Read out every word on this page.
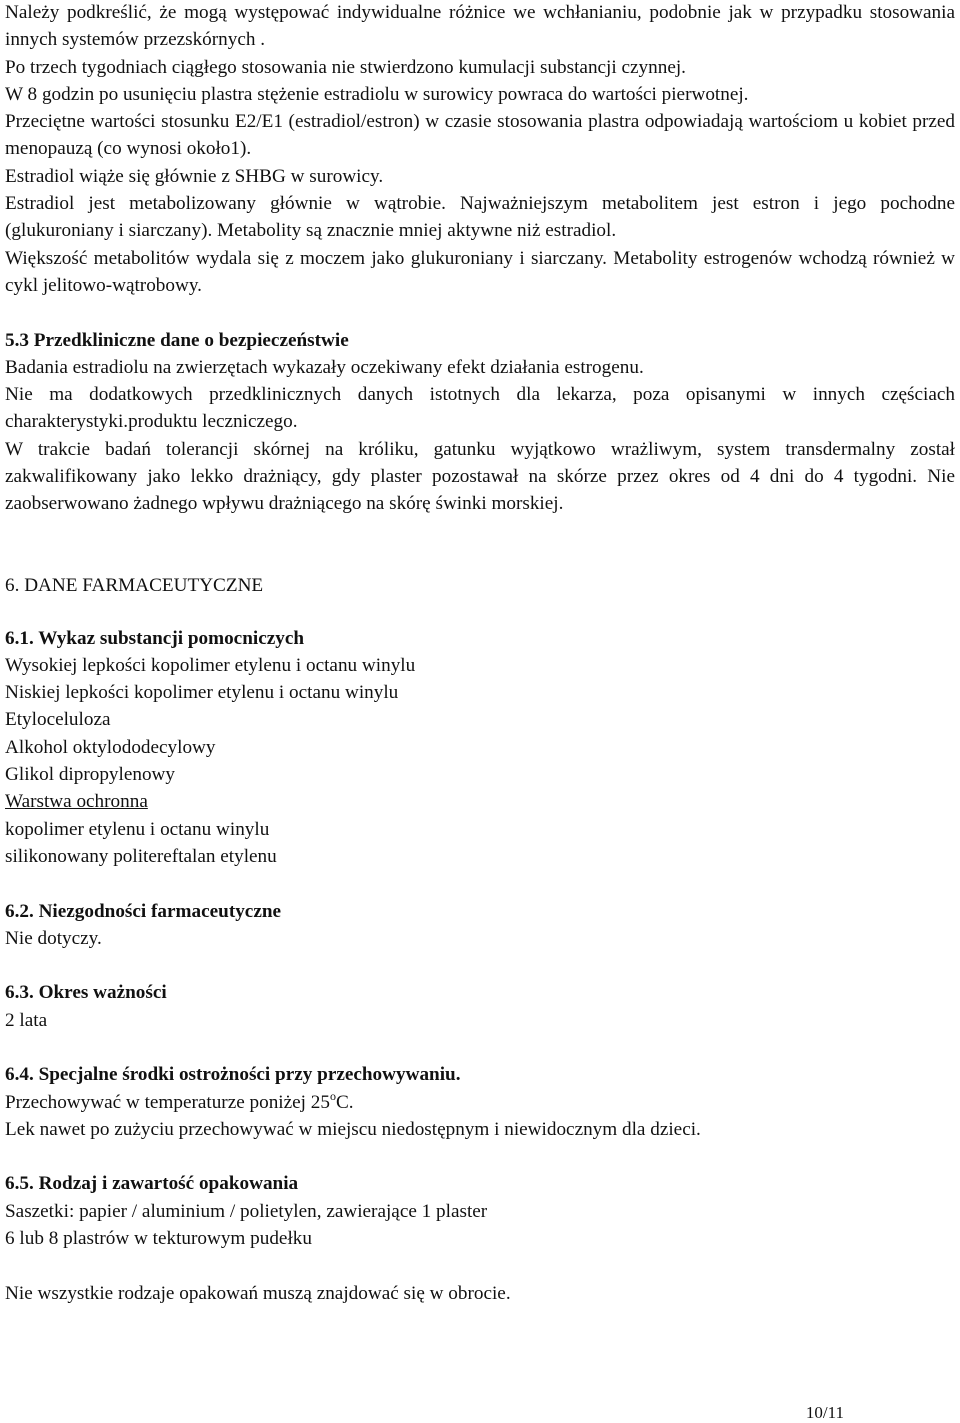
Należy podkreślić, że mogą występować indywidualne różnice we wchłanianiu, podobnie jak w przypadku stosowania innych systemów przezskórnych .

Po trzech tygodniach ciągłego stosowania nie stwierdzono kumulacji substancji czynnej.

W 8 godzin po usunięciu plastra stężenie estradiolu w surowicy powraca do wartości pierwotnej.

Przeciętne wartości stosunku E2/E1 (estradiol/estron) w czasie stosowania plastra odpowiadają wartościom u kobiet przed menopauzą (co wynosi około1).

Estradiol wiąże się głównie z SHBG w surowicy.

Estradiol jest metabolizowany głównie w wątrobie. Najważniejszym metabolitem jest estron i jego pochodne (glukuroniany i siarczany). Metabolity są znacznie mniej aktywne niż estradiol.

Większość metabolitów wydala się z moczem jako glukuroniany i siarczany. Metabolity estrogenów wchodzą również w cykl jelitowo-wątrobowy.

5.3 Przedkliniczne dane o bezpieczeństwie

Badania estradiolu na zwierzętach wykazały oczekiwany efekt działania estrogenu.

Nie ma dodatkowych przedklinicznych danych istotnych dla lekarza, poza opisanymi w innych częściach charakterystyki.produktu leczniczego.

W trakcie badań tolerancji skórnej na króliku, gatunku wyjątkowo wrażliwym, system transdermalny został zakwalifikowany jako lekko drażniący, gdy plaster pozostawał na skórze przez okres od 4 dni do 4 tygodni. Nie zaobserwowano żadnego wpływu drażniącego na skórę świnki morskiej.

6. DANE FARMACEUTYCZNE

6.1. Wykaz substancji pomocniczych

Wysokiej lepkości kopolimer etylenu i octanu winylu

Niskiej lepkości kopolimer etylenu i octanu winylu

Etyloceluloza

Alkohol oktylododecylowy

Glikol dipropylenowy

Warstwa ochronna

kopolimer etylenu i octanu winylu

silikonowany politereftalan etylenu

6.2. Niezgodności farmaceutyczne

Nie dotyczy.

6.3. Okres ważności

2 lata

6.4. Specjalne środki ostrożności przy przechowywaniu.

Przechowywać w temperaturze poniżej 25$^o$C.

Lek nawet po zużyciu przechowywać w miejscu niedostępnym i niewidocznym dla dzieci.

6.5. Rodzaj i zawartość opakowania

Saszetki: papier / aluminium / polietylen, zawierające 1 plaster

6 lub 8 plastrów w tekturowym pudełku

Nie wszystkie rodzaje opakowań muszą znajdować się w obrocie.

10/11
